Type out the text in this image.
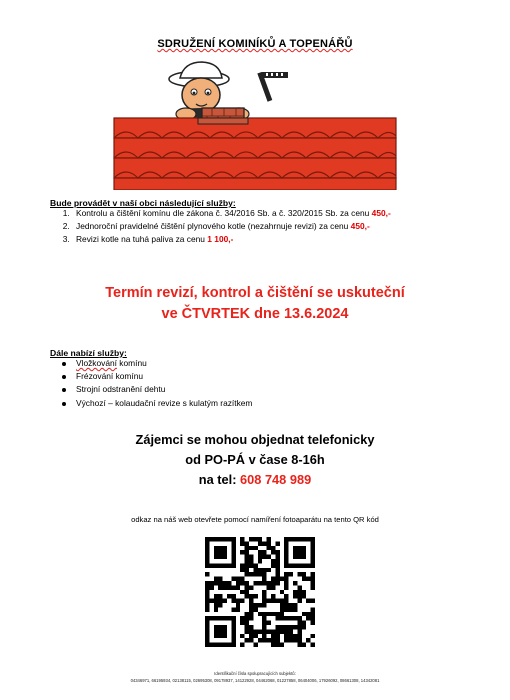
SDRUŽENÍ KOMINÍKŮ A TOPENÁŘŮ
Bude provádět v naší obci následující služby:
1. Kontrolu a čištění komínu dle zákona č. 34/2016 Sb. a č. 320/2015 Sb. za cenu 450,-
2. Jednoroční pravidelné čištění plynového kotle (nezahrnuje revizi) za cenu 450,-
3. Revizi kotle na tuhá paliva za cenu 1 100,-
Termín revizí, kontrol a čištění se uskuteční
ve ČTVRTEK dne 13.6.2024
Dále nabízí služby:
Vložkování komínu
Frézování komínu
Strojní odstranění dehtu
Výchozí – kolaudační revize s kulatým razítkem
Zájemci se mohou objednat telefonicky
od PO-PÁ v čase 8-16h
na tel: 608 748 989
odkaz na náš web otevřete pomocí namíření fotoaparátu na tento QR kód
Identifikační čísla spolupracujících subjektů:
04346971, 66195934, 02138115, 02695308, 09178937, 14122928, 04462068, 01227858, 06404006, 17926092, 08661308, 14342081
